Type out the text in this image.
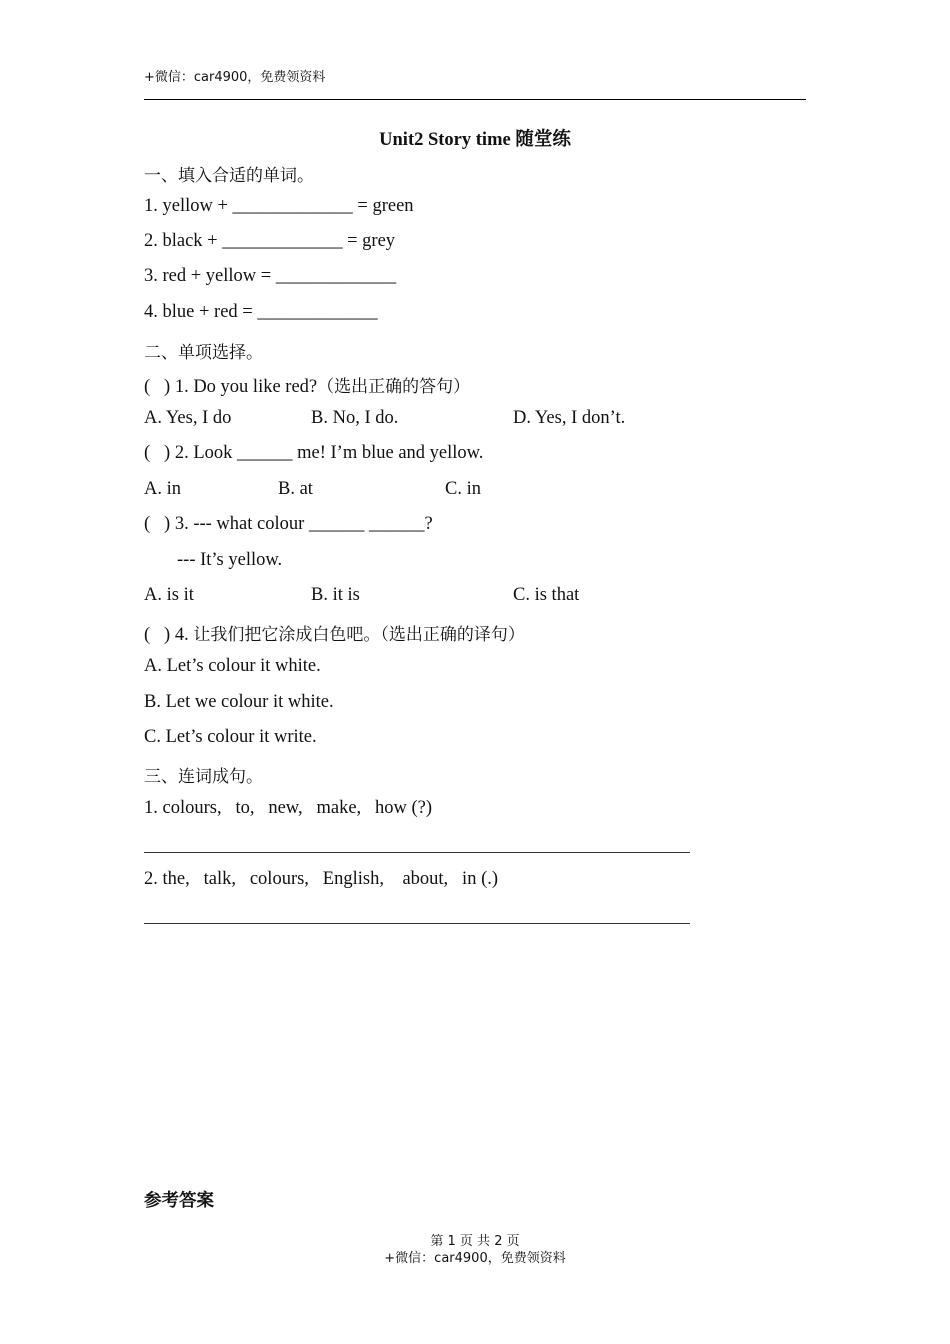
+微信：car4900，免费领资料
Unit2 Story time 随堂练
一、填入合适的单词。
1. yellow + _____________ = green
2. black + _____________ = grey
3. red + yellow = _____________
4. blue + red = _____________
二、单项选择。
(   ) 1. Do you like red?（选出正确的答句）
A. Yes, I do	B. No, I do.	D. Yes, I don’t.
(   ) 2. Look ______ me! I’m blue and yellow.
A. in	B. at	C. in
(   ) 3. --- what colour ______ ______?
--- It’s yellow.
A. is it	B. it is	C. is that
(   ) 4. 让我们把它涂成白色吧。（选出正确的译句）
A. Let’s colour it white.
B. Let we colour it white.
C. Let’s colour it write.
三、连词成句。
1. colours,   to,   new,   make,   how (?)
2. the,   talk,   colours,   English,    about,   in (.)
参考答案
第 1 页 共 2 页
+微信：car4900，免费领资料
